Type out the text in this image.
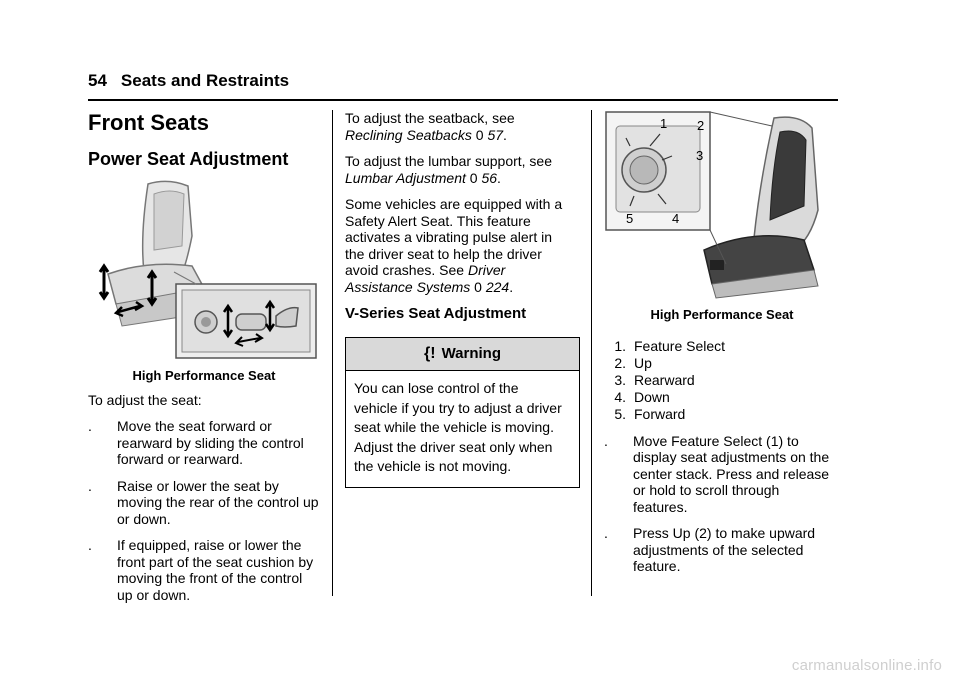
54 Seats and Restraints
Front Seats
Power Seat Adjustment
High Performance Seat

To adjust the seat:

. Move the seat forward or
rearward by sliding the control
forward or rearward.
. Raise or lower the seat by
moving the rear of the control up
or down.
. If equipped, raise or lower the
front part of the seat cushion by
moving the front of the control
up or down.

To adjust the seatback, see
Reclining Seatbacks 0 57.

To adjust the lumbar support, see
Lumbar Adjustment 0 56.

Some vehicles are equipped with a
Safety Alert Seat. This feature
activates a vibrating pulse alert in
the driver seat to help the driver
avoid crashes. See Driver
Assistance Systems 0 224.

V-Series Seat Adjustment
{! Warning
You can lose control of the
vehicle if you try to adjust a driver
seat while the vehicle is moving.
Adjust the driver seat only when
the vehicle is not moving.
1 2
3
4
5
High Performance Seat
1. Feature Select
2. Up
3. Rearward
4. Down
5. Forward
. Move Feature Select (1) to
display seat adjustments on the
center stack. Press and release
or hold to scroll through
features.
. Press Up (2) to make upward
adjustments of the selected
feature.
carmanualsonline.info
